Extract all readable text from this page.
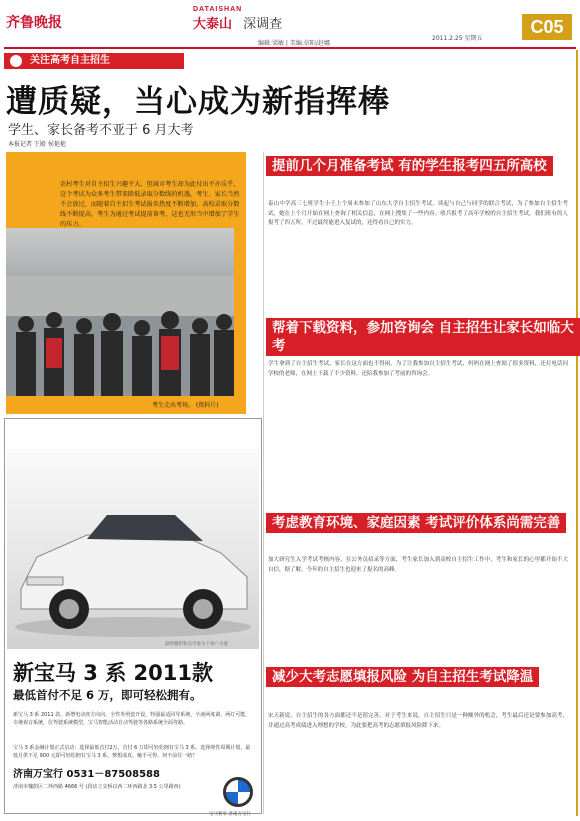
齐鲁晚报
DATAISHAN
大泰山 深调查
编辑:梁敏 | 美编:信阳/赵娜
2011.2.25 星期五
C05
关注高考自主招生
遭质疑，当心成为新指挥棒
学生、家长备考不亚于 6 月大考
本报记者 王殿 侯艳艳
农村考生对自主招生兴趣不大，但城市考生却为此付出不亦乐乎，这个考试为众多考生带来除低录取分数线的机遇，考生、家长当然不会放过，而随着自主招生考试报名热度不断增加，高校录取分数线不断提高，考生为通过考试提前备考，这也无形当中增加了学生的压力。
考生走出考场。 (资料片)
最终随附和以市委为下客户为准
新宝马 3 系 2011款
最低首付不足 6 万，即可轻松拥有。
新宝马 3 系 2011 款，新增电动座方向向、全性外照套开设，特强最适回导系统，全液两度调、两灯可能，专统视音系统，位驾驶系统模型，宝马智能活动自动驾驶等各路系统全面等路。
宝马 3 系金融计划正式启动：选择最低首付2万，首付 6 万即可轻松拥有宝马 3 系。选择弹性周期计划，最低月供不足 900 元即可轻松拥有宝马 3 系。梦想成真，触手可得，何不前往一睹？
济南万宝行 0531－87508588
济南市槐荫区二环西路 4666 号 (段店立交桥以西二环西路北 3.5 公里路西)
宝马智享 济南万宝行
提前几个月准备考试 有的学生报考四五所高校
泰山中学高三七班学生小王上个周末参加了山东大学自主招生考试，谈起与自己与同学的联合考试，为了参加自主招生考试，她在上个月开始在网上查询了相关信息，在网上搜集了一些内容。收兵报考了高年学校的自主招生考试，我们班有的人报考了四五所，不过最终能进入复试的，还得看自己的实力。
帮着下载资料，参加咨询会 自主招生让家长如临大考
学生拿到了自主招生考试，家长在这方面也不得闲。为了让我参加自主招生考试，妈妈在网上查阅了很多资料，还打电话问学校的老师，在网上下载了不少资料，还陪我参加了考前的咨询会。
考虑教育环境、家庭因素 考试评价体系尚需完善
加大研究生入学考试考核内容，在公务员招录等方面，考生家长加入到高校自主招生工作中，考生和家长的心里都开始不大自信，据了解，今年的自主招生也迎来了报名的高峰。
减少大考志愿填报风险 为自主招生考试降温
宋天新说，自主招生的各方面都还不是很完善，对于考生来说，自主招生只是一种额外的机会，考生最后还是要参加高考，并通过高考成绩进入理想的学校。为此要把高考的志愿填报风险降下来。
